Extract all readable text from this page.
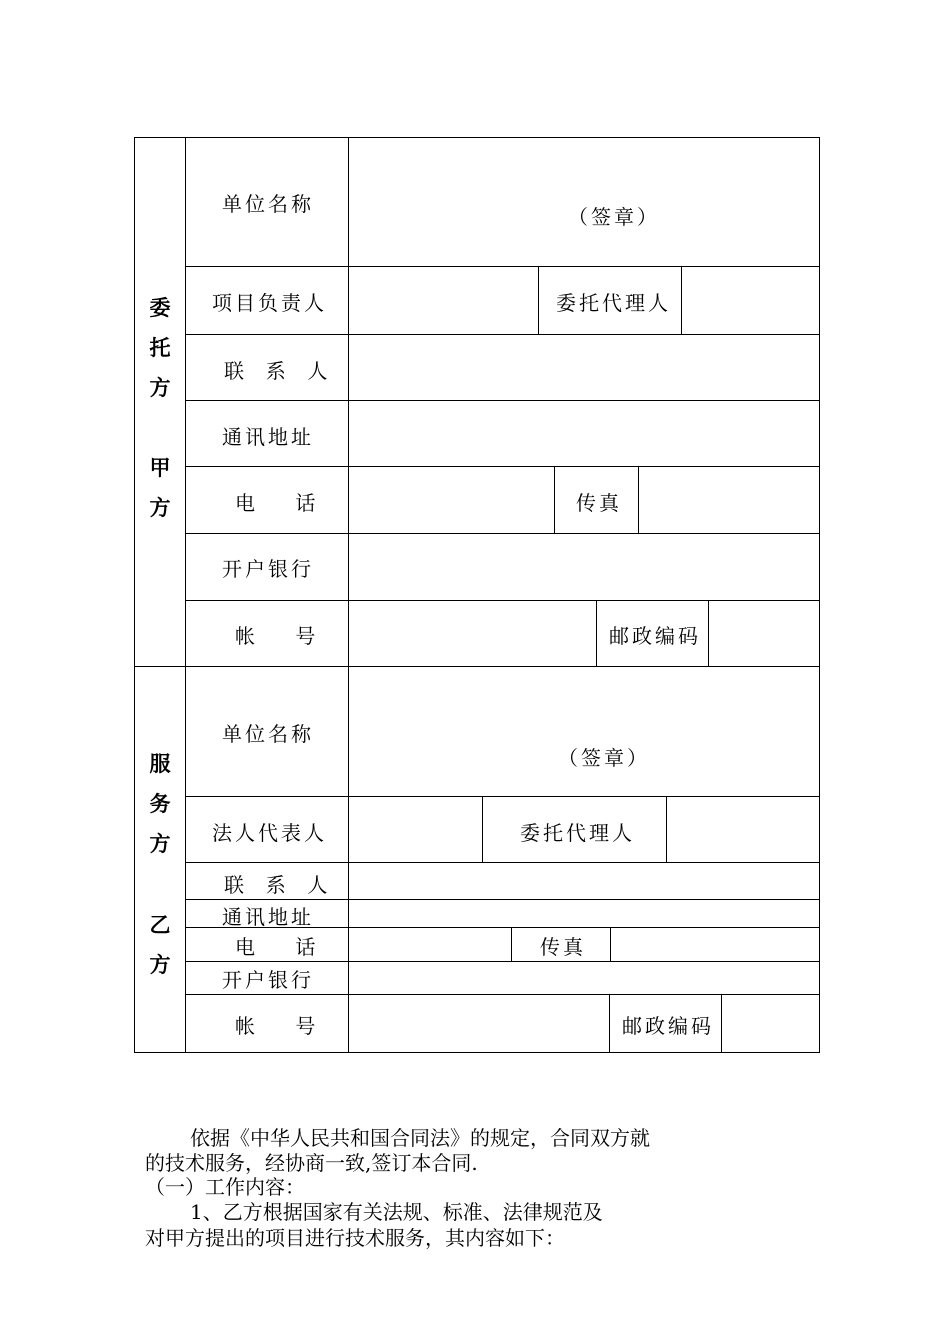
委
托
方
甲
方
单位名称
（签章）
项目负责人	委托代理人
联  系  人
通讯地址
电    话	传真
开户银行
帐    号	邮政编码
服
务
方
乙
方
单位名称
（签章）
法人代表人	委托代理人
联  系  人
通讯地址
电    话	传真
开户银行
帐    号	邮政编码
依据《中华人民共和国合同法》的规定，合同双方就
的技术服务，经协商一致,签订本合同.
（一）工作内容：
1、乙方根据国家有关法规、标准、法律规范及
对甲方提出的项目进行技术服务，其内容如下：
